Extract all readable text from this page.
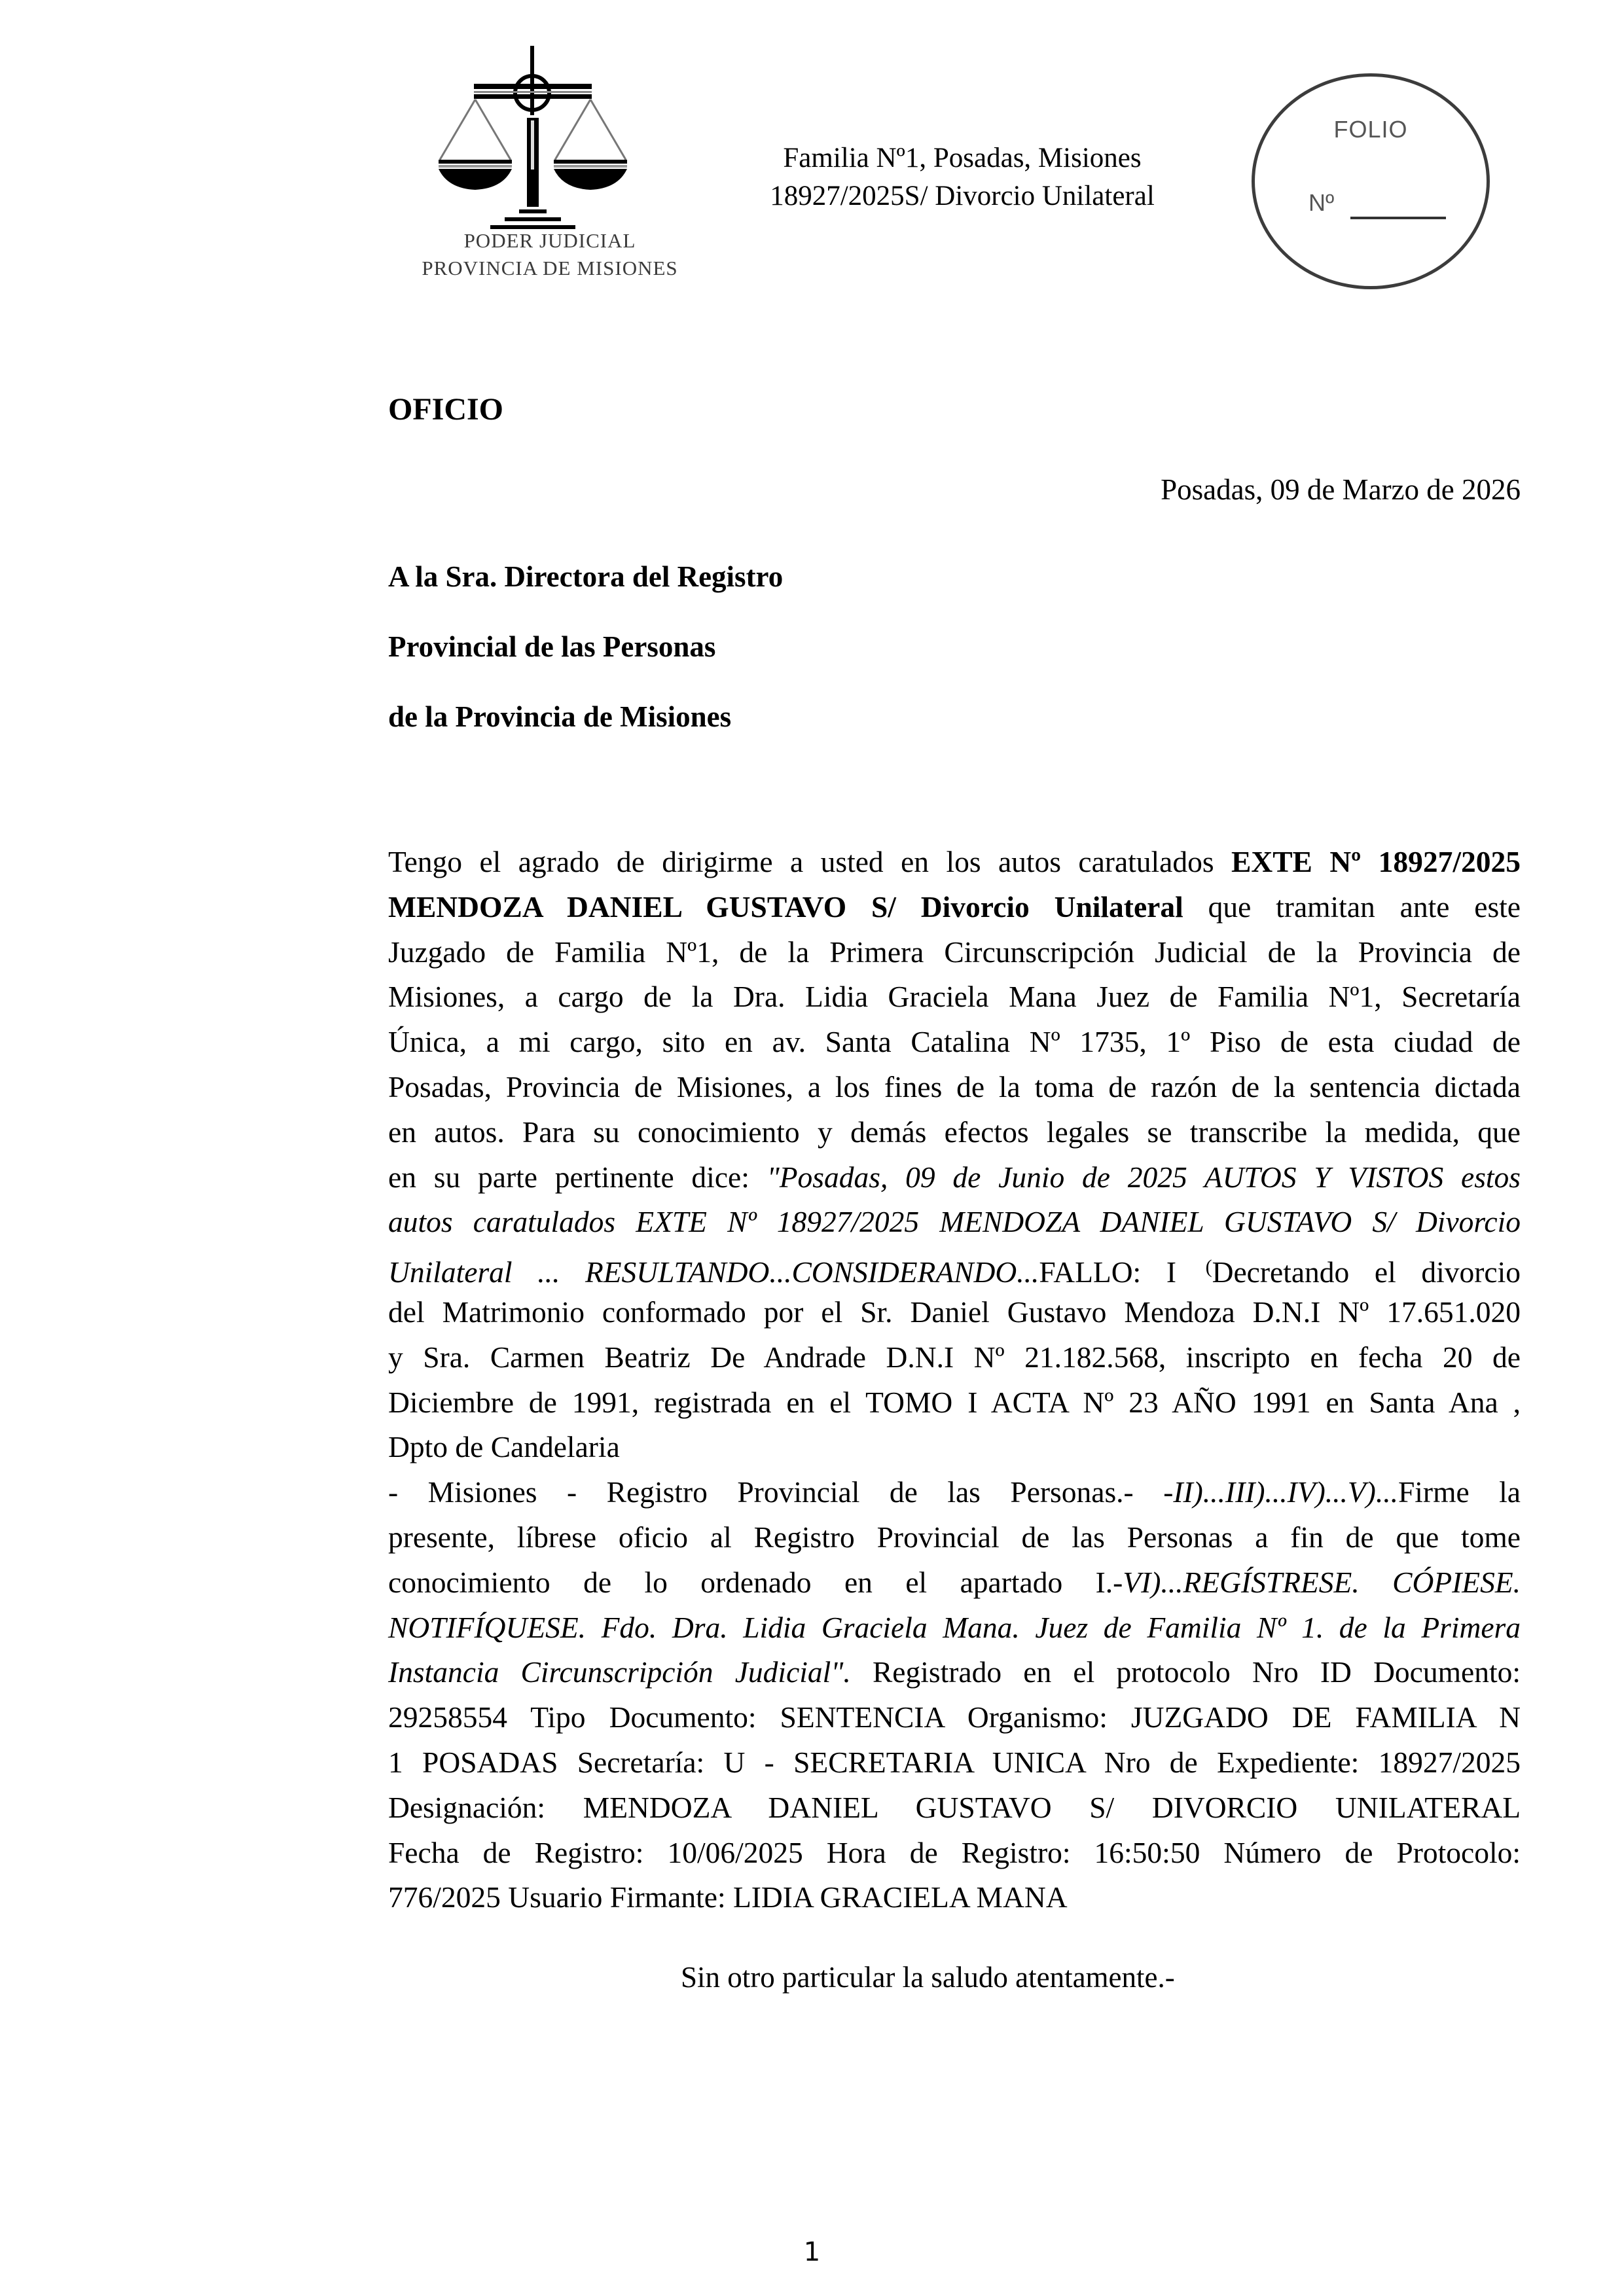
PODER JUDICIAL
PROVINCIA DE MISIONES
Familia Nº1, Posadas, Misiones
18927/2025S/ Divorcio Unilateral
FOLIO
Nº
OFICIO
Posadas, 09 de Marzo de 2026
A la Sra. Directora del Registro
Provincial de las Personas
de la Provincia de Misiones
Tengo el agrado de dirigirme a usted en los autos caratulados EXTE Nº 18927/2025
MENDOZA DANIEL GUSTAVO S/ Divorcio Unilateral que tramitan ante este
Juzgado de Familia Nº1, de la Primera Circunscripción Judicial de la Provincia de
Misiones, a cargo de la Dra. Lidia Graciela Mana Juez de Familia Nº1, Secretaría
Única, a mi cargo, sito en av. Santa Catalina Nº 1735, 1º Piso de esta ciudad de
Posadas, Provincia de Misiones, a los fines de la toma de razón de la sentencia dictada
en autos. Para su conocimiento y demás efectos legales se transcribe la medida, que
en su parte pertinente dice: "Posadas, 09 de Junio de 2025 AUTOS Y VISTOS estos
autos caratulados EXTE Nº 18927/2025 MENDOZA DANIEL GUSTAVO S/ Divorcio
Unilateral ... RESULTANDO...CONSIDERANDO...FALLO: I (Decretando el divorcio
del Matrimonio conformado por el Sr. Daniel Gustavo Mendoza D.N.I Nº 17.651.020
y Sra. Carmen Beatriz De Andrade D.N.I Nº 21.182.568, inscripto en fecha 20 de
Diciembre de 1991, registrada en el TOMO I ACTA Nº 23 AÑO 1991 en Santa Ana ,
Dpto de Candelaria
- Misiones - Registro Provincial de las Personas.- -II)...III)...IV)...V)...Firme la
presente, líbrese oficio al Registro Provincial de las Personas a fin de que tome
conocimiento de lo ordenado en el apartado I.-VI)...REGÍSTRESE. CÓPIESE.
NOTIFÍQUESE. Fdo. Dra. Lidia Graciela Mana. Juez de Familia Nº 1. de la Primera
Instancia Circunscripción Judicial". Registrado en el protocolo Nro ID Documento:
29258554 Tipo Documento: SENTENCIA Organismo: JUZGADO DE FAMILIA N
1 POSADAS Secretaría: U - SECRETARIA UNICA Nro de Expediente: 18927/2025
Designación: MENDOZA DANIEL GUSTAVO S/ DIVORCIO UNILATERAL
Fecha de Registro: 10/06/2025 Hora de Registro: 16:50:50 Número de Protocolo:
776/2025 Usuario Firmante: LIDIA GRACIELA MANA
Sin otro particular la saludo atentamente.-
1
